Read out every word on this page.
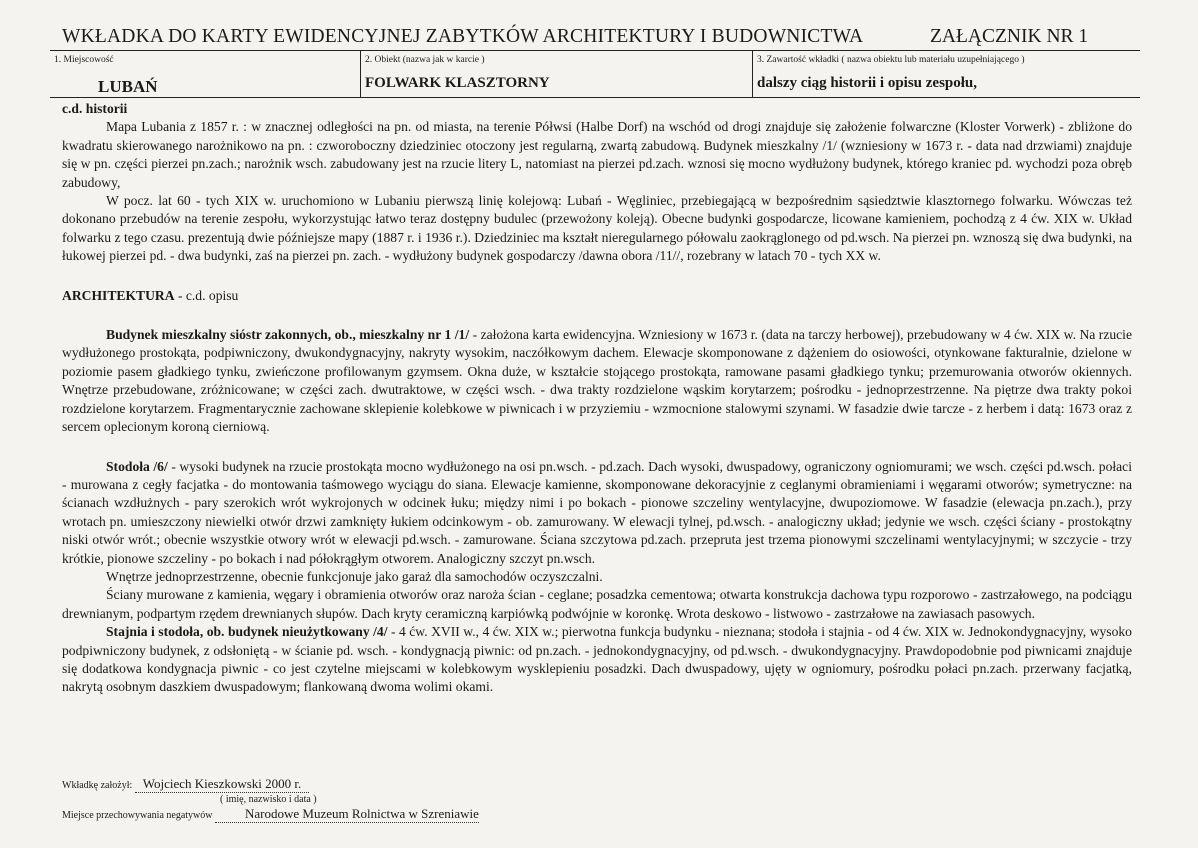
WKŁADKA DO KARTY EWIDENCYJNEJ ZABYTKÓW ARCHITEKTURY I BUDOWNICTWA	ZAŁĄCZNIK NR 1
1. Miejscowość
LUBAŃ
2. Obiekt (nazwa jak w karcie )
FOLWARK KLASZTORNY
3. Zawartość wkładki ( nazwa obiektu lub materiału uzupełniającego )
dalszy ciąg historii i opisu zespołu,

c.d. historii

Mapa Lubania z 1857 r. : w znacznej odległości na pn. od miasta, na terenie Półwsi (Halbe Dorf) na wschód od drogi znajduje się założenie folwarczne (Kloster Vorwerk) - zbliżone do kwadratu skierowanego narożnikowo na pn. : czworoboczny dziedziniec otoczony jest regularną, zwartą zabudową. Budynek mieszkalny /1/ (wzniesiony w 1673 r. - data nad drzwiami) znajduje się w pn. części pierzei pn.zach.; narożnik wsch. zabudowany jest na rzucie litery L, natomiast na pierzei pd.zach. wznosi się mocno wydłużony budynek, którego kraniec pd. wychodzi poza obręb zabudowy,

W pocz. lat 60 - tych XIX w. uruchomiono w Lubaniu pierwszą linię kolejową: Lubań - Węgliniec, przebiegającą w bezpośrednim sąsiedztwie klasztornego folwarku. Wówczas też dokonano przebudów na terenie zespołu, wykorzystując łatwo teraz dostępny budulec (przewożony koleją). Obecne budynki gospodarcze, licowane kamieniem, pochodzą z 4 ćw. XIX w. Układ folwarku z tego czasu. prezentują dwie późniejsze mapy (1887 r. i 1936 r.). Dziedziniec ma kształt nieregularnego półowalu zaokrąglonego od pd.wsch. Na pierzei pn. wznoszą się dwa budynki, na łukowej pierzei pd. - dwa budynki, zaś na pierzei pn. zach. - wydłużony budynek gospodarczy /dawna obora /11//, rozebrany w latach 70 - tych XX w.

ARCHITEKTURA - c.d. opisu

Budynek mieszkalny sióstr zakonnych, ob., mieszkalny nr 1 /1/ - założona karta ewidencyjna. Wzniesiony w 1673 r. (data na tarczy herbowej), przebudowany w 4 ćw. XIX w. Na rzucie wydłużonego prostokąta, podpiwniczony, dwukondygnacyjny, nakryty wysokim, naczółkowym dachem. Elewacje skomponowane z dążeniem do osiowości, otynkowane fakturalnie, dzielone w poziomie pasem gładkiego tynku, zwieńczone profilowanym gzymsem. Okna duże, w kształcie stojącego prostokąta, ramowane pasami gładkiego tynku; przemurowania otworów okiennych. Wnętrze przebudowane, zróżnicowane; w części zach. dwutraktowe, w części wsch. - dwa trakty rozdzielone wąskim korytarzem; pośrodku - jednoprzestrzenne. Na piętrze dwa trakty pokoi rozdzielone korytarzem. Fragmentarycznie zachowane sklepienie kolebkowe w piwnicach i w przyziemiu - wzmocnione stalowymi szynami. W fasadzie dwie tarcze - z herbem i datą: 1673 oraz z sercem oplecionym koroną cierniową.

Stodoła /6/ - wysoki budynek na rzucie prostokąta mocno wydłużonego na osi pn.wsch. - pd.zach. Dach wysoki, dwuspadowy, ograniczony ogniomurami; we wsch. części pd.wsch. połaci - murowana z cegły facjatka - do montowania taśmowego wyciągu do siana. Elewacje kamienne, skomponowane dekoracyjnie z ceglanymi obramieniami i węgarami otworów; symetryczne: na ścianach wzdłużnych - pary szerokich wrót wykrojonych w odcinek łuku; między nimi i po bokach - pionowe szczeliny wentylacyjne, dwupoziomowe. W fasadzie (elewacja pn.zach.), przy wrotach pn. umieszczony niewielki otwór drzwi zamknięty łukiem odcinkowym - ob. zamurowany. W elewacji tylnej, pd.wsch. - analogiczny układ; jedynie we wsch. części ściany - prostokątny niski otwór wrót.; obecnie wszystkie otwory wrót w elewacji pd.wsch. - zamurowane. Ściana szczytowa pd.zach. przepruta jest trzema pionowymi szczelinami wentylacyjnymi; w szczycie - trzy krótkie, pionowe szczeliny - po bokach i nad półokrągłym otworem. Analogiczny szczyt pn.wsch.

Wnętrze jednoprzestrzenne, obecnie funkcjonuje jako garaż dla samochodów oczyszczalni.

Ściany murowane z kamienia, węgary i obramienia otworów oraz naroża ścian - ceglane; posadzka cementowa; otwarta konstrukcja dachowa typu rozporowo - zastrzałowego, na podciągu drewnianym, podpartym rzędem drewnianych słupów. Dach kryty ceramiczną karpiówką podwójnie w koronkę. Wrota deskowo - listwowo - zastrzałowe na zawiasach pasowych.

Stajnia i stodoła, ob. budynek nieużytkowany /4/ - 4 ćw. XVII w., 4 ćw. XIX w.; pierwotna funkcja budynku - nieznana; stodoła i stajnia - od 4 ćw. XIX w. Jednokondygnacyjny, wysoko podpiwniczony budynek, z odsłoniętą - w ścianie pd. wsch. - kondygnacją piwnic: od pn.zach. - jednokondygnacyjny, od pd.wsch. - dwukondygnacyjny. Prawdopodobnie pod piwnicami znajduje się dodatkowa kondygnacja piwnic - co jest czytelne miejscami w kolebkowym wysklepieniu posadzki. Dach dwuspadowy, ujęty w ogniomury, pośrodku połaci pn.zach. przerwany facjatką, nakrytą osobnym daszkiem dwuspadowym; flankowaną dwoma wolimi okami.

Wkładkę założył: Wojciech Kieszkowski 2000 r.
( imię, nazwisko i data )
Miejsce przechowywania negatywów	Narodowe Muzeum Rolnictwa w Szreniawie
